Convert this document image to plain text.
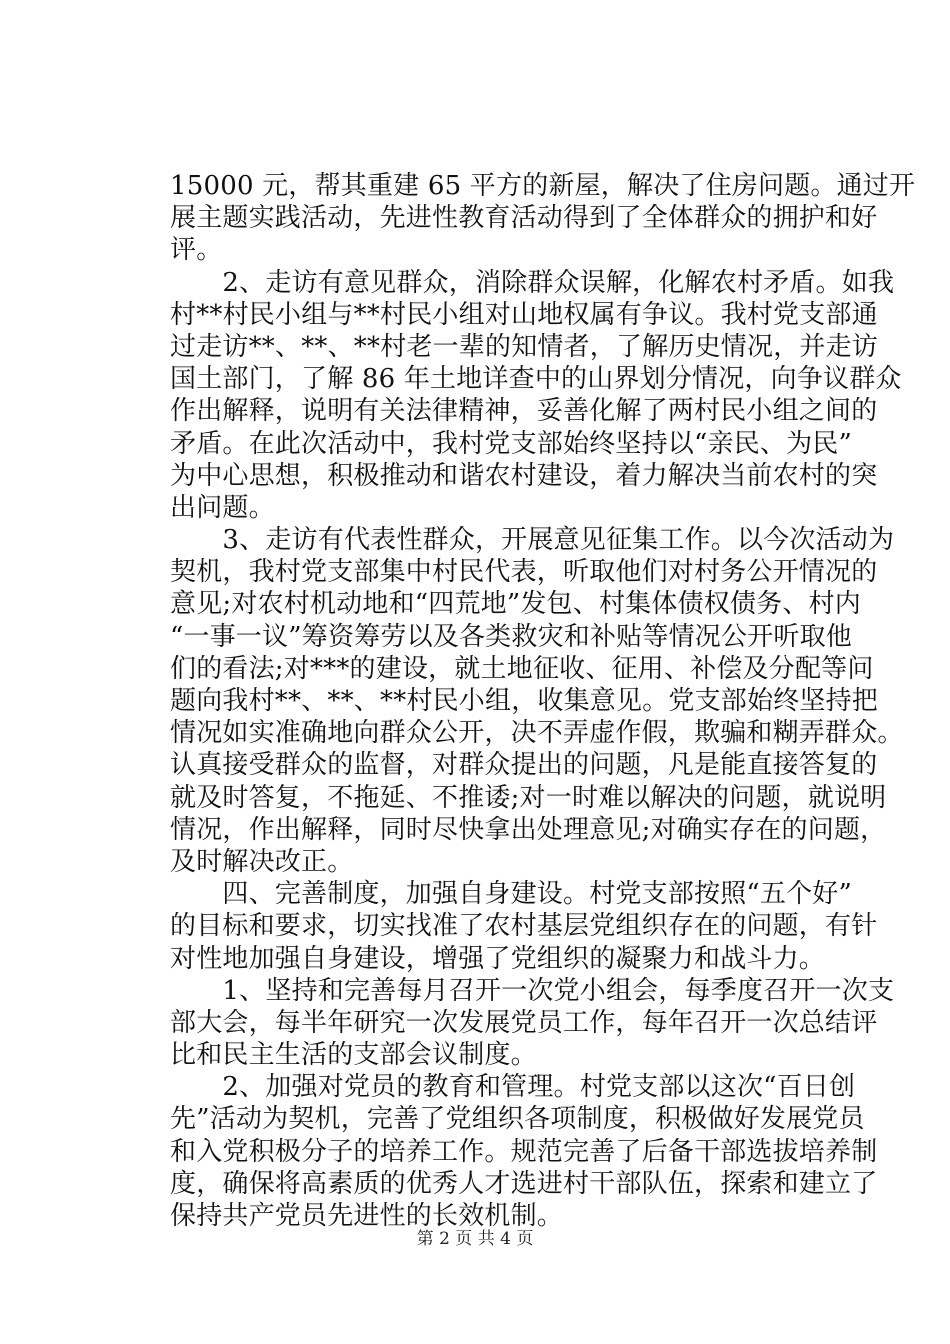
15000 元，帮其重建 65 平方的新屋，解决了住房问题。通过开
展主题实践活动，先进性教育活动得到了全体群众的拥护和好
评。
　　2、走访有意见群众，消除群众误解，化解农村矛盾。如我
村**村民小组与**村民小组对山地权属有争议。我村党支部通
过走访**、**、**村老一辈的知情者，了解历史情况，并走访
国土部门，了解 86 年土地详查中的山界划分情况，向争议群众
作出解释，说明有关法律精神，妥善化解了两村民小组之间的
矛盾。在此次活动中，我村党支部始终坚持以“亲民、为民”
为中心思想，积极推动和谐农村建设，着力解决当前农村的突
出问题。
　　3、走访有代表性群众，开展意见征集工作。以今次活动为
契机，我村党支部集中村民代表，听取他们对村务公开情况的
意见;对农村机动地和“四荒地”发包、村集体债权债务、村内
“一事一议”筹资筹劳以及各类救灾和补贴等情况公开听取他
们的看法;对***的建设，就土地征收、征用、补偿及分配等问
题向我村**、**、**村民小组，收集意见。党支部始终坚持把
情况如实准确地向群众公开，决不弄虚作假，欺骗和糊弄群众。
认真接受群众的监督，对群众提出的问题，凡是能直接答复的
就及时答复，不拖延、不推诿;对一时难以解决的问题，就说明
情况，作出解释，同时尽快拿出处理意见;对确实存在的问题，
及时解决改正。
　　四、完善制度，加强自身建设。村党支部按照“五个好”
的目标和要求，切实找准了农村基层党组织存在的问题，有针
对性地加强自身建设，增强了党组织的凝聚力和战斗力。
　　1、坚持和完善每月召开一次党小组会，每季度召开一次支
部大会，每半年研究一次发展党员工作，每年召开一次总结评
比和民主生活的支部会议制度。
　　2、加强对党员的教育和管理。村党支部以这次“百日创
先”活动为契机，完善了党组织各项制度，积极做好发展党员
和入党积极分子的培养工作。规范完善了后备干部选拔培养制
度，确保将高素质的优秀人才选进村干部队伍，探索和建立了
保持共产党员先进性的长效机制。
第 2 页 共 4 页
